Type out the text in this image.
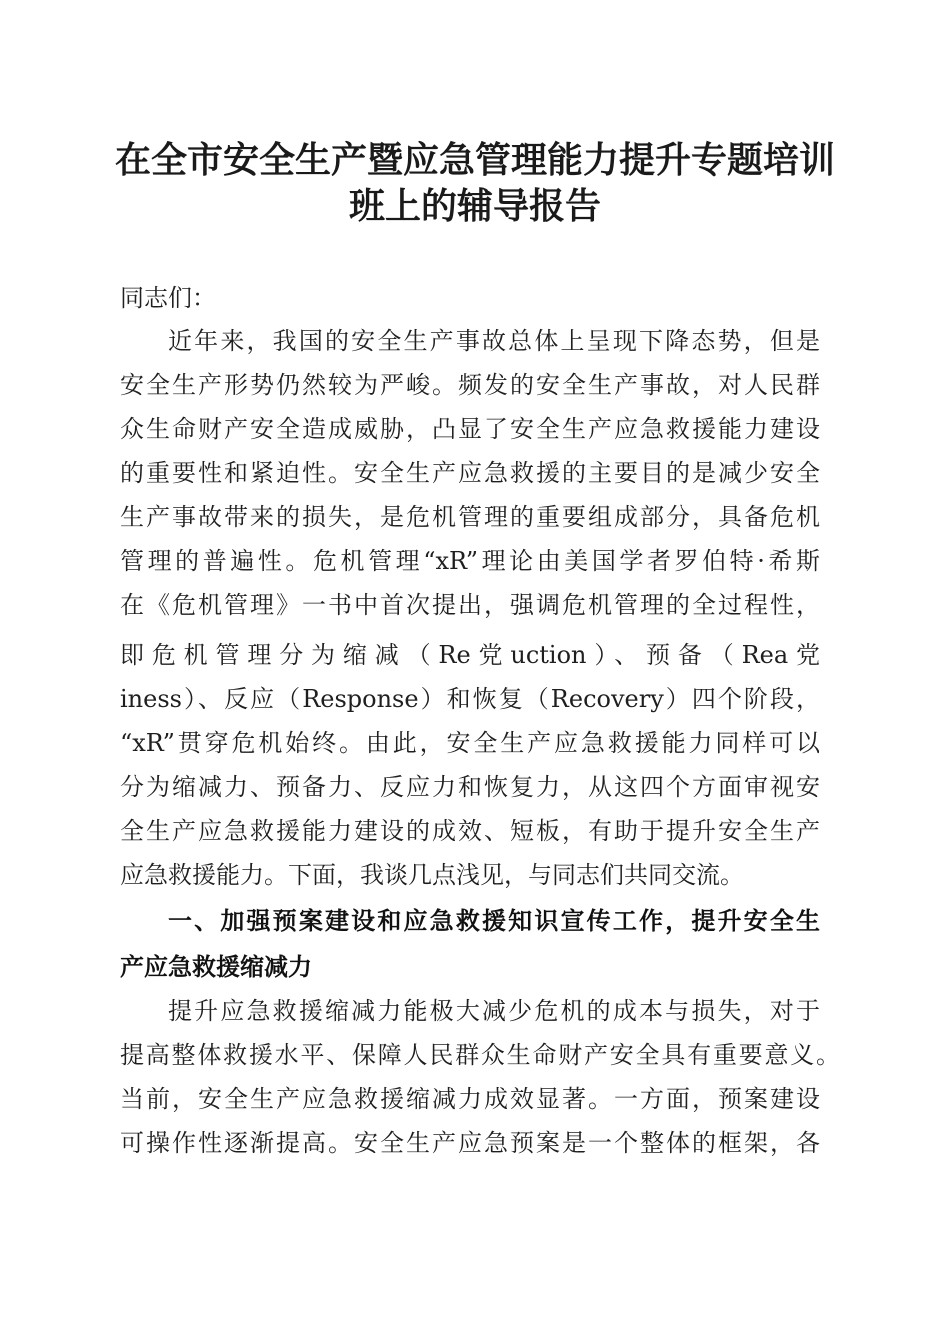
在全市安全生产暨应急管理能力提升专题培训
班上的辅导报告
同志们：
近年来，我国的安全生产事故总体上呈现下降态势，但是
安全生产形势仍然较为严峻。频发的安全生产事故，对人民群
众生命财产安全造成威胁，凸显了安全生产应急救援能力建设
的重要性和紧迫性。安全生产应急救援的主要目的是减少安全
生产事故带来的损失，是危机管理的重要组成部分，具备危机
管理的普遍性。危机管理“xR”理论由美国学者罗伯特·希斯
在《危机管理》一书中首次提出，强调危机管理的全过程性，
即危机管理分为缩减（Re党uction）、预备（Rea党
iness）、反应（Response）和恢复（Recovery）四个阶段，
“xR”贯穿危机始终。由此，安全生产应急救援能力同样可以
分为缩减力、预备力、反应力和恢复力，从这四个方面审视安
全生产应急救援能力建设的成效、短板，有助于提升安全生产
应急救援能力。下面，我谈几点浅见，与同志们共同交流。
一、加强预案建设和应急救援知识宣传工作，提升安全生
产应急救援缩减力
提升应急救援缩减力能极大减少危机的成本与损失，对于
提高整体救援水平、保障人民群众生命财产安全具有重要意义。
当前，安全生产应急救援缩减力成效显著。一方面，预案建设
可操作性逐渐提高。安全生产应急预案是一个整体的框架，各
